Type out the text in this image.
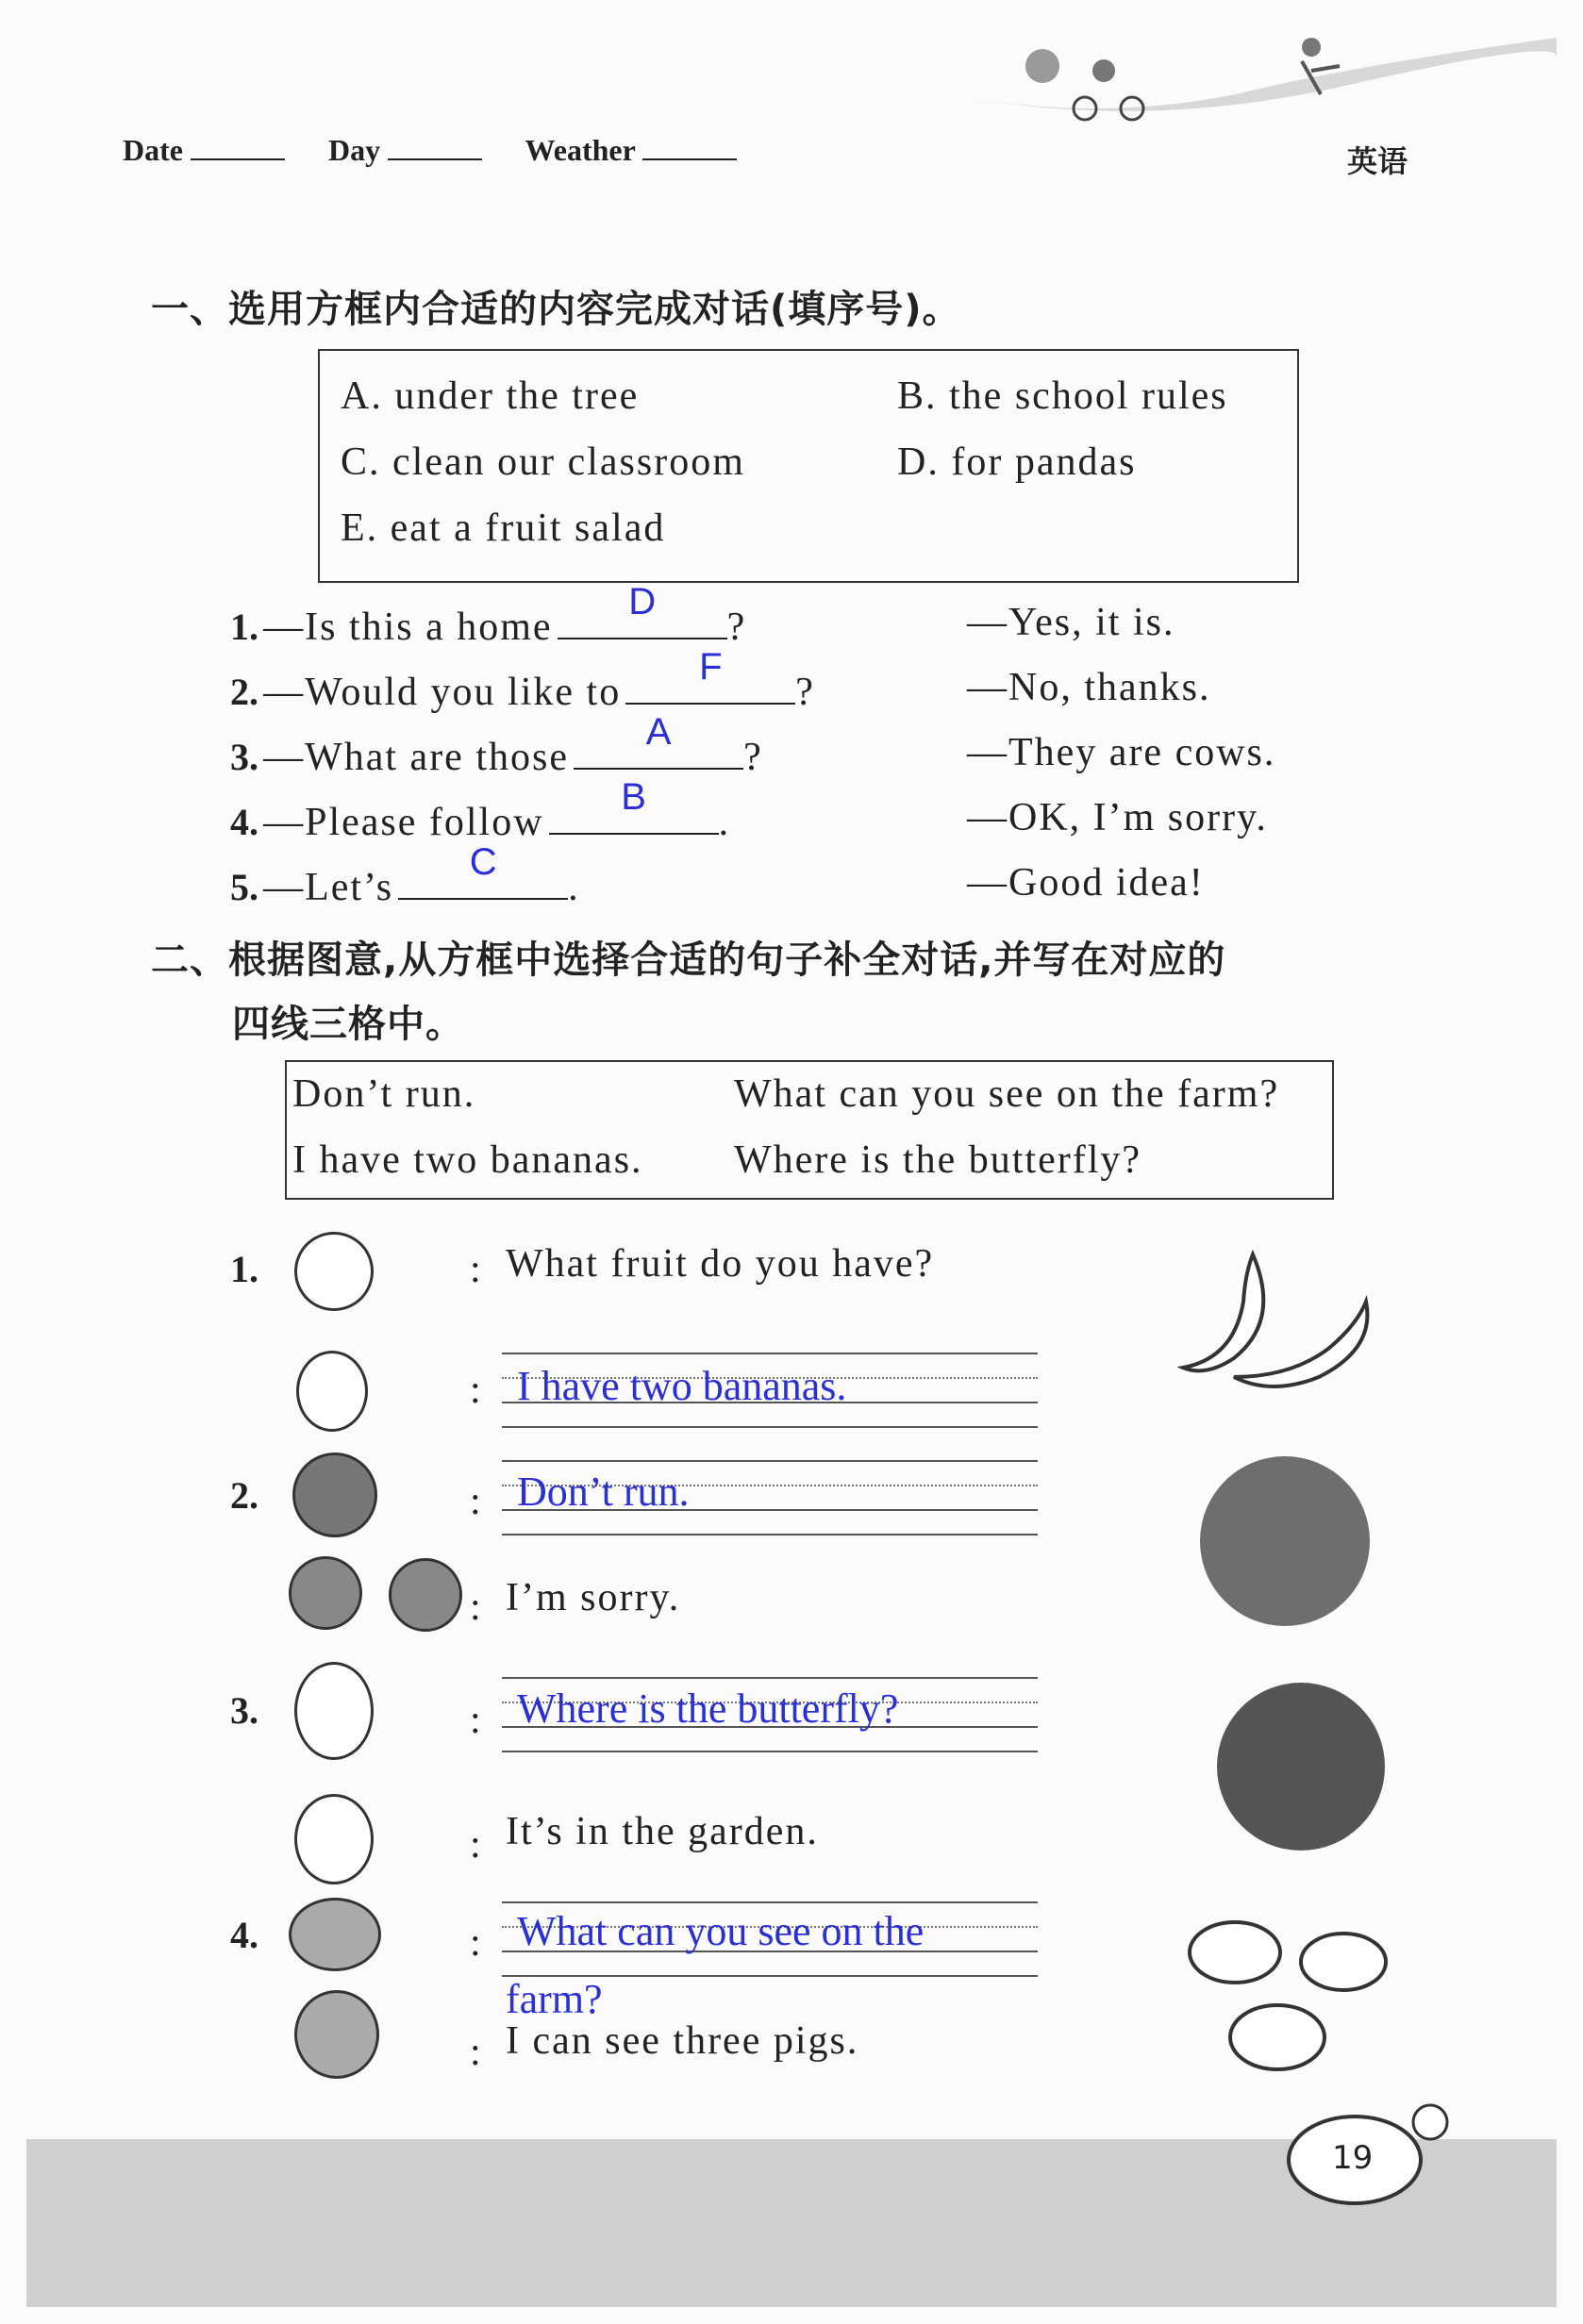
Date	Day	Weather	英语
一、选用方框内合适的内容完成对话(填序号)。
A. under the tree	B. the school rules
C. clean our classroom	D. for pandas
E. eat a fruit salad
1. —Is this a home
D
?	—Yes, it is.
2. —Would you like to
F
?	—No, thanks.
3. —What are those
A
?	—They are cows.
4. —Please follow
B
.	—OK, I’m sorry.
5. —Let’s
C
.	—Good idea!
二、根据图意,从方框中选择合适的句子补全对话,并写在对应的
四线三格中。
Don’t run.	What can you see on the farm?
I have two bananas. Where is the butterfly?
1.	: What fruit do you have?
: I have two bananas.
2.	: Don’t run.
: I’m sorry.
3.	: Where is the butterfly?
: It’s in the garden.
4.	: What can you see on the
farm?
: I can see three pigs.
19
